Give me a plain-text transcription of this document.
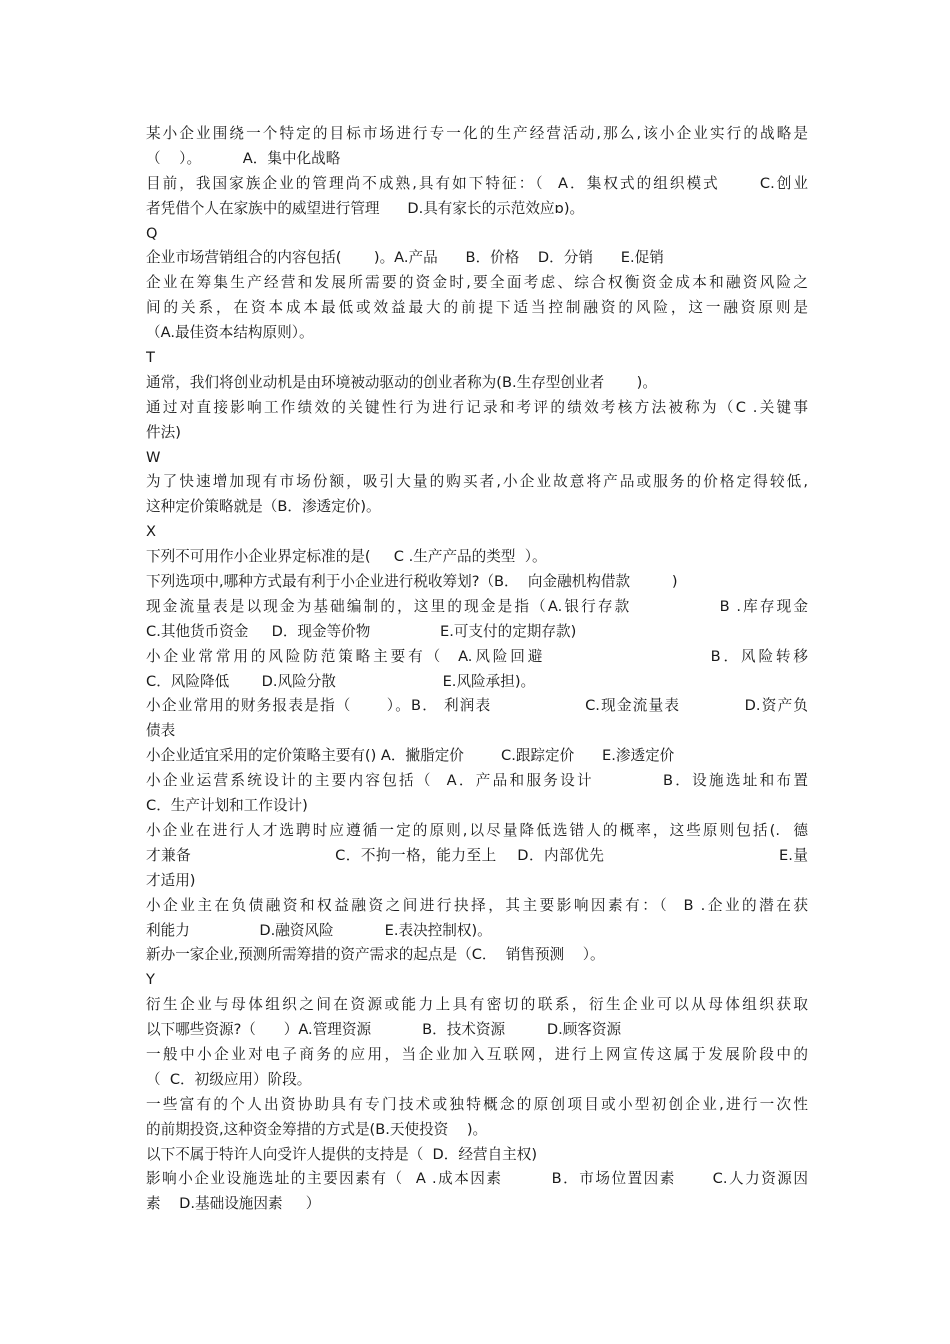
某小企业围绕一个特定的目标市场进行专一化的生产经营活动,那么,该小企业实行的战略是
（    ）。         A．集中化战略
目前，我国家族企业的管理尚不成熟,具有如下特征：（  A．集权式的组织模式      C.创业
者凭借个人在家族中的威望进行管理      D.具有家长的示范效应ɒ)。
Q
企业市场营销组合的内容包括(       )。A.产品      B．价格    D．分销      E.促销
企业在筹集生产经营和发展所需要的资金时,要全面考虑、综合权衡资金成本和融资风险之
间的关系，在资本成本最低或效益最大的前提下适当控制融资的风险，这一融资原则是
（A.最佳资本结构原则）。
T
通常，我们将创业动机是由环境被动驱动的创业者称为(B.生存型创业者       )。
通过对直接影响工作绩效的关键性行为进行记录和考评的绩效考核方法被称为（C .关键事
件法)
W
为了快速增加现有市场份额，吸引大量的购买者,小企业故意将产品或服务的价格定得较低,
这种定价策略就是（B．渗透定价)。
X
下列不可用作小企业界定标准的是(     C .生产产品的类型  ）。
下列选项中,哪种方式最有利于小企业进行税收筹划?（B．  向金融机构借款         )
现金流量表是以现金为基础编制的，这里的现金是指（A.银行存款             B .库存现金
C.其他货币资金     D．现金等价物               E.可支付的定期存款)
小企业常常用的风险防范策略主要有（  A.风险回避                      B．风险转移
C．风险降低       D.风险分散                       E.风险承担)。
小企业常用的财务报表是指（      ）。B． 利润表                C.现金流量表           D.资产负
债表
小企业适宜采用的定价策略主要有() A．撇脂定价        C.跟踪定价      E.渗透定价
小企业运营系统设计的主要内容包括（  A．产品和服务设计          B．设施选址和布置
C．生产计划和工作设计)
小企业在进行人才选聘时应遵循一定的原则,以尽量降低选错人的概率，这些原则包括(.  德
才兼备                            C．不拘一格，能力至上    D．内部优先                                  E.量
才适用)
小企业主在负债融资和权益融资之间进行抉择，其主要影响因素有：（  B .企业的潜在获
利能力               D.融资风险           E.表决控制权)。
新办一家企业,预测所需筹措的资产需求的起点是（C．  销售预测    ）。
Y
衍生企业与母体组织之间在资源或能力上具有密切的联系，衍生企业可以从母体组织获取
以下哪些资源?（      ）A.管理资源           B．技术资源         D.顾客资源
一般中小企业对电子商务的应用，当企业加入互联网，进行上网宣传这属于发展阶段中的
（  C．初级应用）阶段。
一些富有的个人出资协助具有专门技术或独特概念的原创项目或小型初创企业,进行一次性
的前期投资,这种资金筹措的方式是(B.天使投资    )。
以下不属于特许人向受许人提供的支持是（  D．经营自主权)
影响小企业设施选址的主要因素有（  A .成本因素        B．市场位置因素      C.人力资源因
素    D.基础设施因素     ）
